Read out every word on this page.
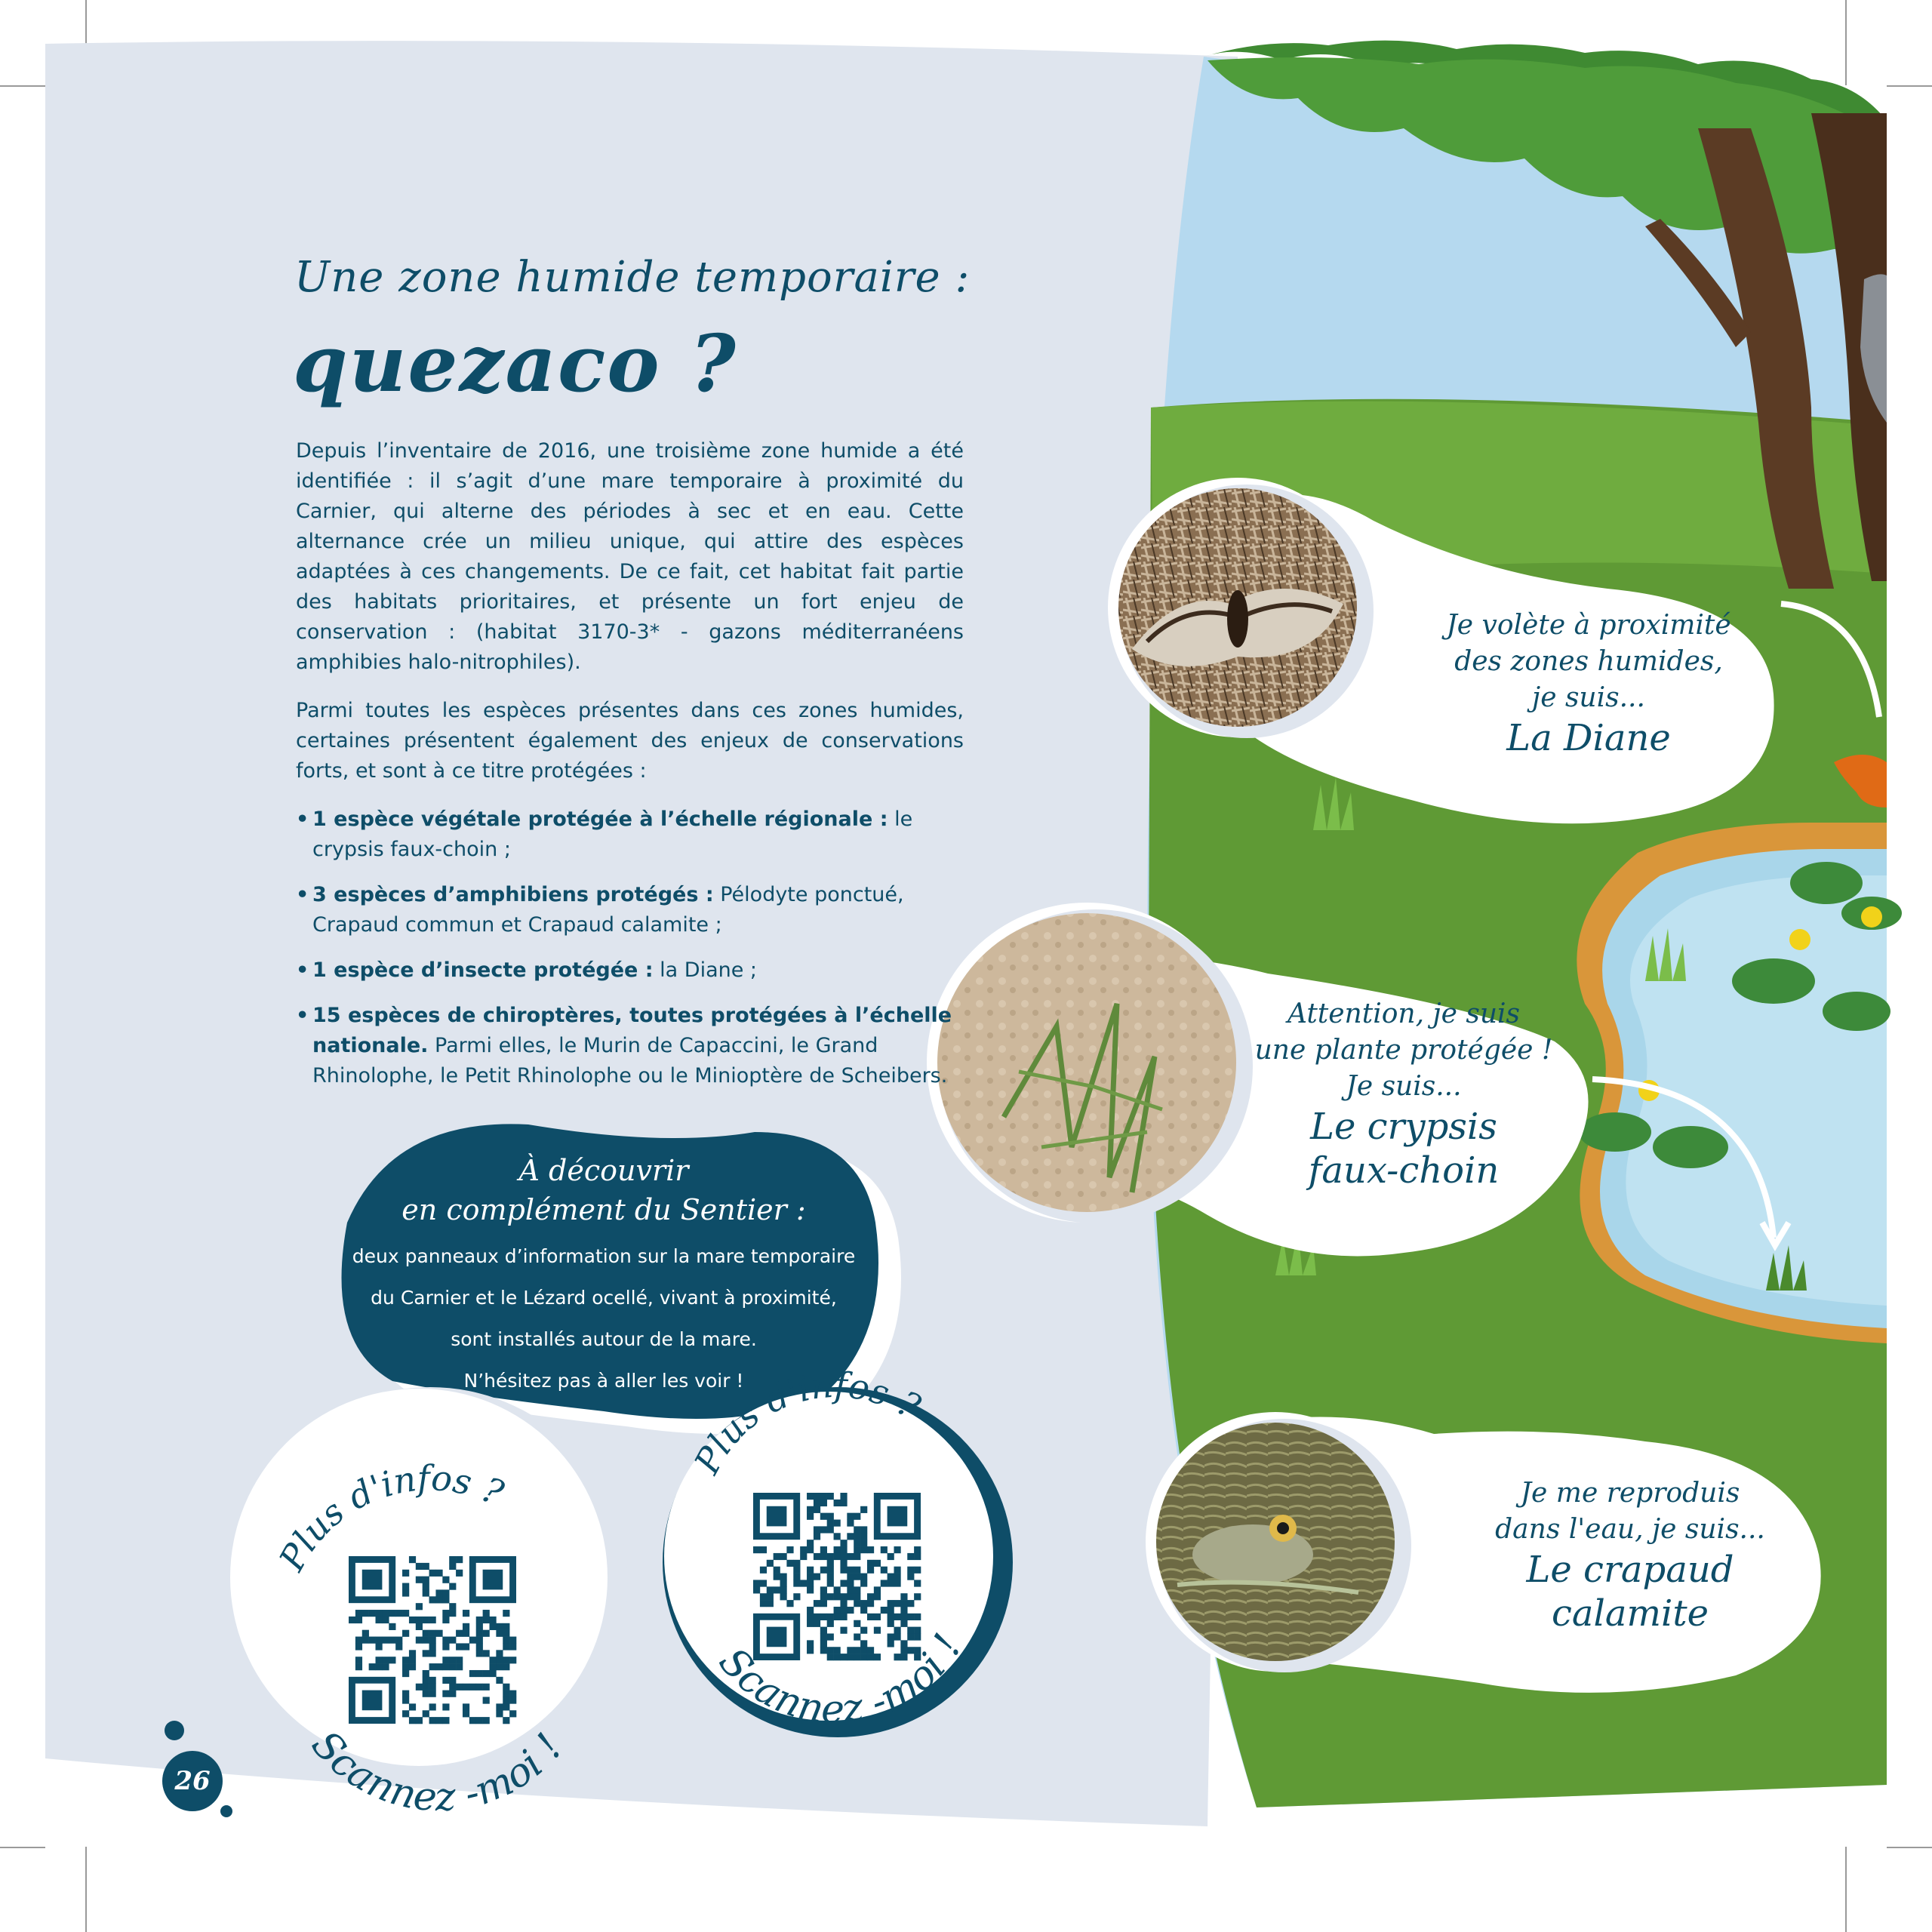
Plus d'infos ?
Scannez -moi !
Plus d'infos ?
Scannez -moi !
Une zone humide temporaire :
quezaco ?

Depuis l’inventaire de 2016, une troisième zone humide a été identifiée : il s’agit d’une mare temporaire à proximité du Carnier, qui alterne des périodes à sec et en eau. Cette alternance crée un milieu unique, qui attire des espèces adaptées à ces changements. De ce fait, cet habitat fait partie des habitats prioritaires, et présente un fort enjeu de conservation : (habitat 3170-3* - gazons méditerranéens amphibies halo-nitrophiles).

Parmi toutes les espèces présentes dans ces zones humides, certaines présentent également des enjeux de conservations forts, et sont à ce titre protégées :

• 1 espèce végétale protégée à l’échelle régionale : le crypsis faux-choin ;
• 3 espèces d’amphibiens protégés : Pélodyte ponctué, Crapaud commun et Crapaud calamite ;
• 1 espèce d’insecte protégée : la Diane ;
• 15 espèces de chiroptères, toutes protégées à l’échelle nationale. Parmi elles, le Murin de Capaccini, le Grand Rhinolophe, le Petit Rhinolophe ou le Minioptère de Scheibers.
À découvrir
en complément du Sentier :
deux panneaux d’information sur la mare temporaire
du Carnier et le Lézard ocellé, vivant à proximité,
sont installés autour de la mare.
N’hésitez pas à aller les voir !
Je volète à proximité
des zones humides,
je suis...
La Diane
Attention, je suis
une plante protégée !
Je suis...
Le crypsis
faux-choin
Je me reproduis
dans l'eau, je suis...
Le crapaud
calamite
26
